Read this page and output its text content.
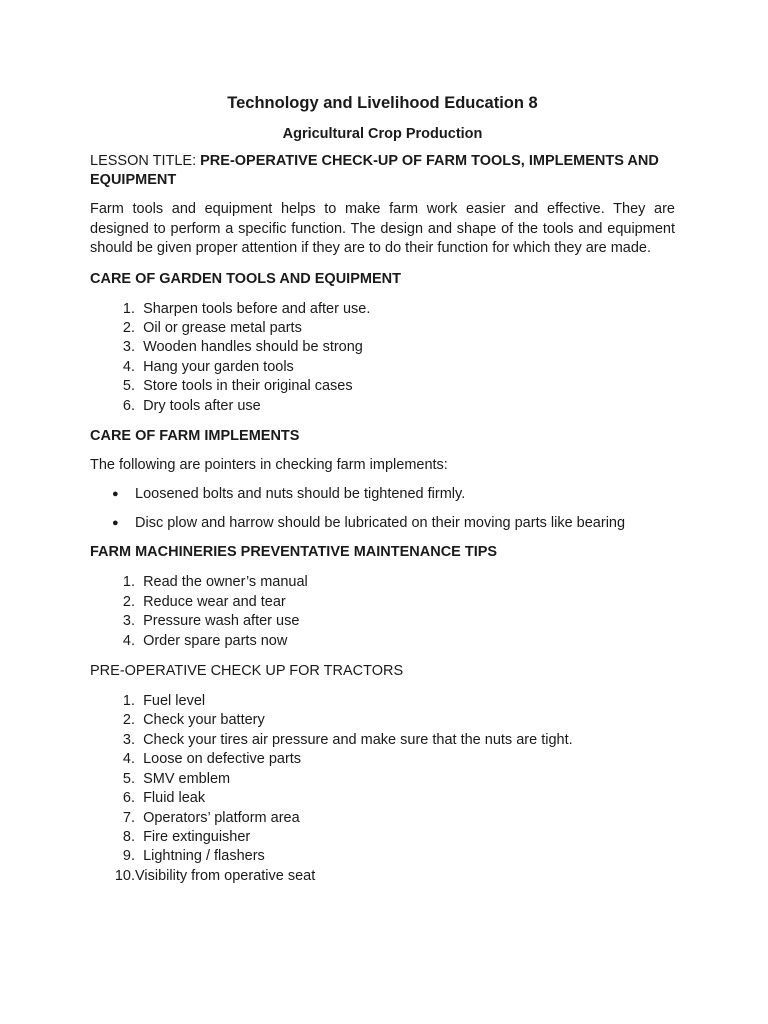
Technology and Livelihood Education 8
Agricultural Crop Production

LESSON TITLE: PRE-OPERATIVE CHECK-UP OF FARM TOOLS, IMPLEMENTS AND EQUIPMENT

Farm tools and equipment helps to make farm work easier and effective. They are designed to perform a specific function. The design and shape of the tools and equipment should be given proper attention if they are to do their function for which they are made.

CARE OF GARDEN TOOLS AND EQUIPMENT
1. Sharpen tools before and after use.
2. Oil or grease metal parts
3. Wooden handles should be strong
4. Hang your garden tools
5. Store tools in their original cases
6. Dry tools after use
CARE OF FARM IMPLEMENTS

The following are pointers in checking farm implements:

●	Loosened bolts and nuts should be tightened firmly.
●	Disc plow and harrow should be lubricated on their moving parts like bearing
FARM MACHINERIES PREVENTATIVE MAINTENANCE TIPS
1. Read the owner’s manual
2. Reduce wear and tear
3. Pressure wash after use
4. Order spare parts now
PRE-OPERATIVE CHECK UP FOR TRACTORS
1. Fuel level
2. Check your battery
3. Check your tires air pressure and make sure that the nuts are tight.
4. Loose on defective parts
5. SMV emblem
6. Fluid leak
7. Operators’ platform area
8. Fire extinguisher
9. Lightning / flashers
10. Visibility from operative seat
